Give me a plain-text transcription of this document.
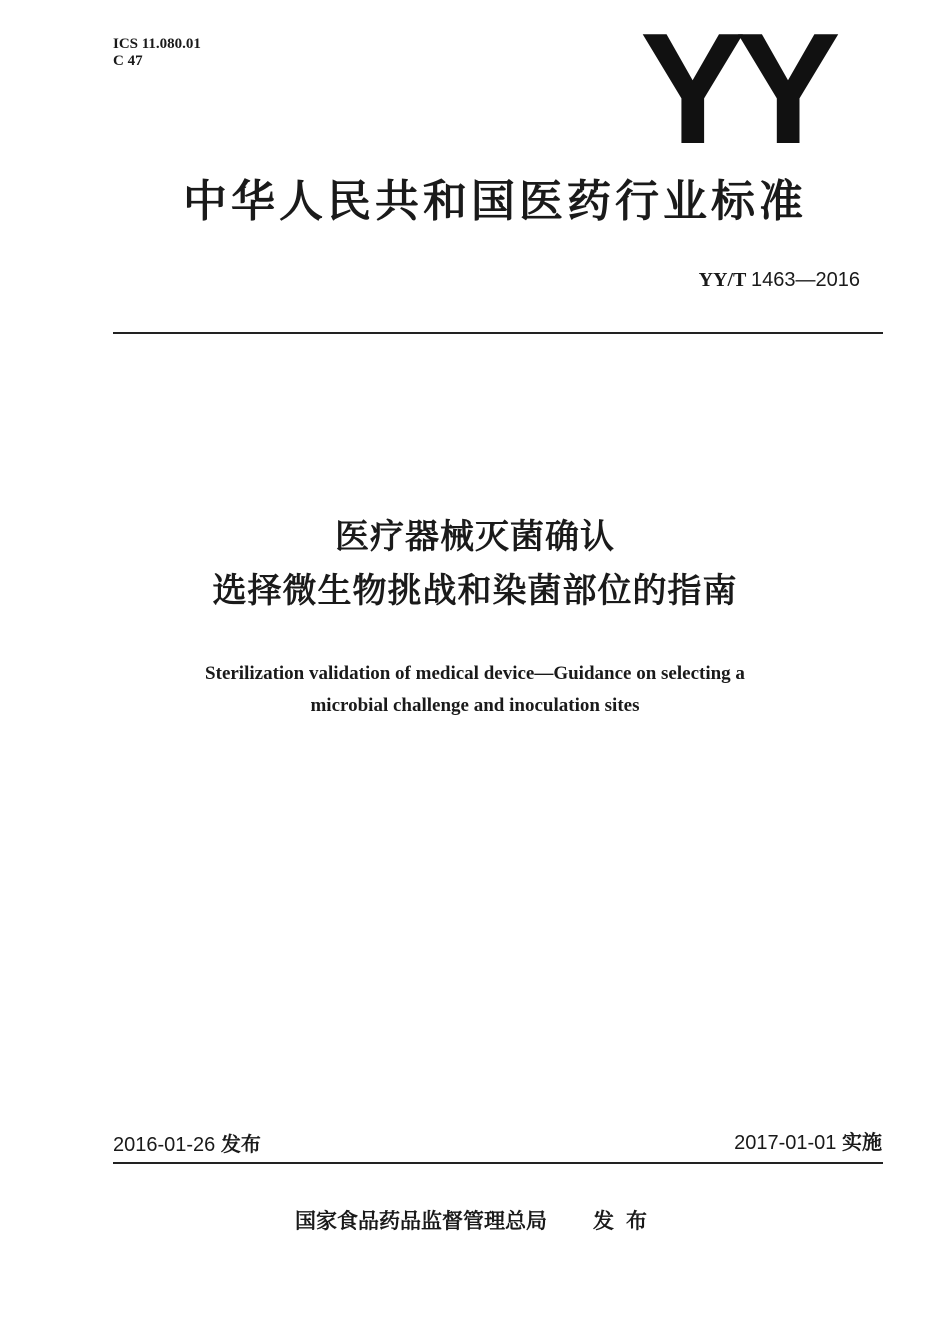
ICS 11.080.01
C 47	YY
中华人民共和国医药行业标准
YY/T 1463—2016
医疗器械灭菌确认
选择微生物挑战和染菌部位的指南
Sterilization validation of medical device—Guidance on selecting a
microbial challenge and inoculation sites
2016-01-26 发布	2017-01-01 实施
国家食品药品监督管理总局 发布
